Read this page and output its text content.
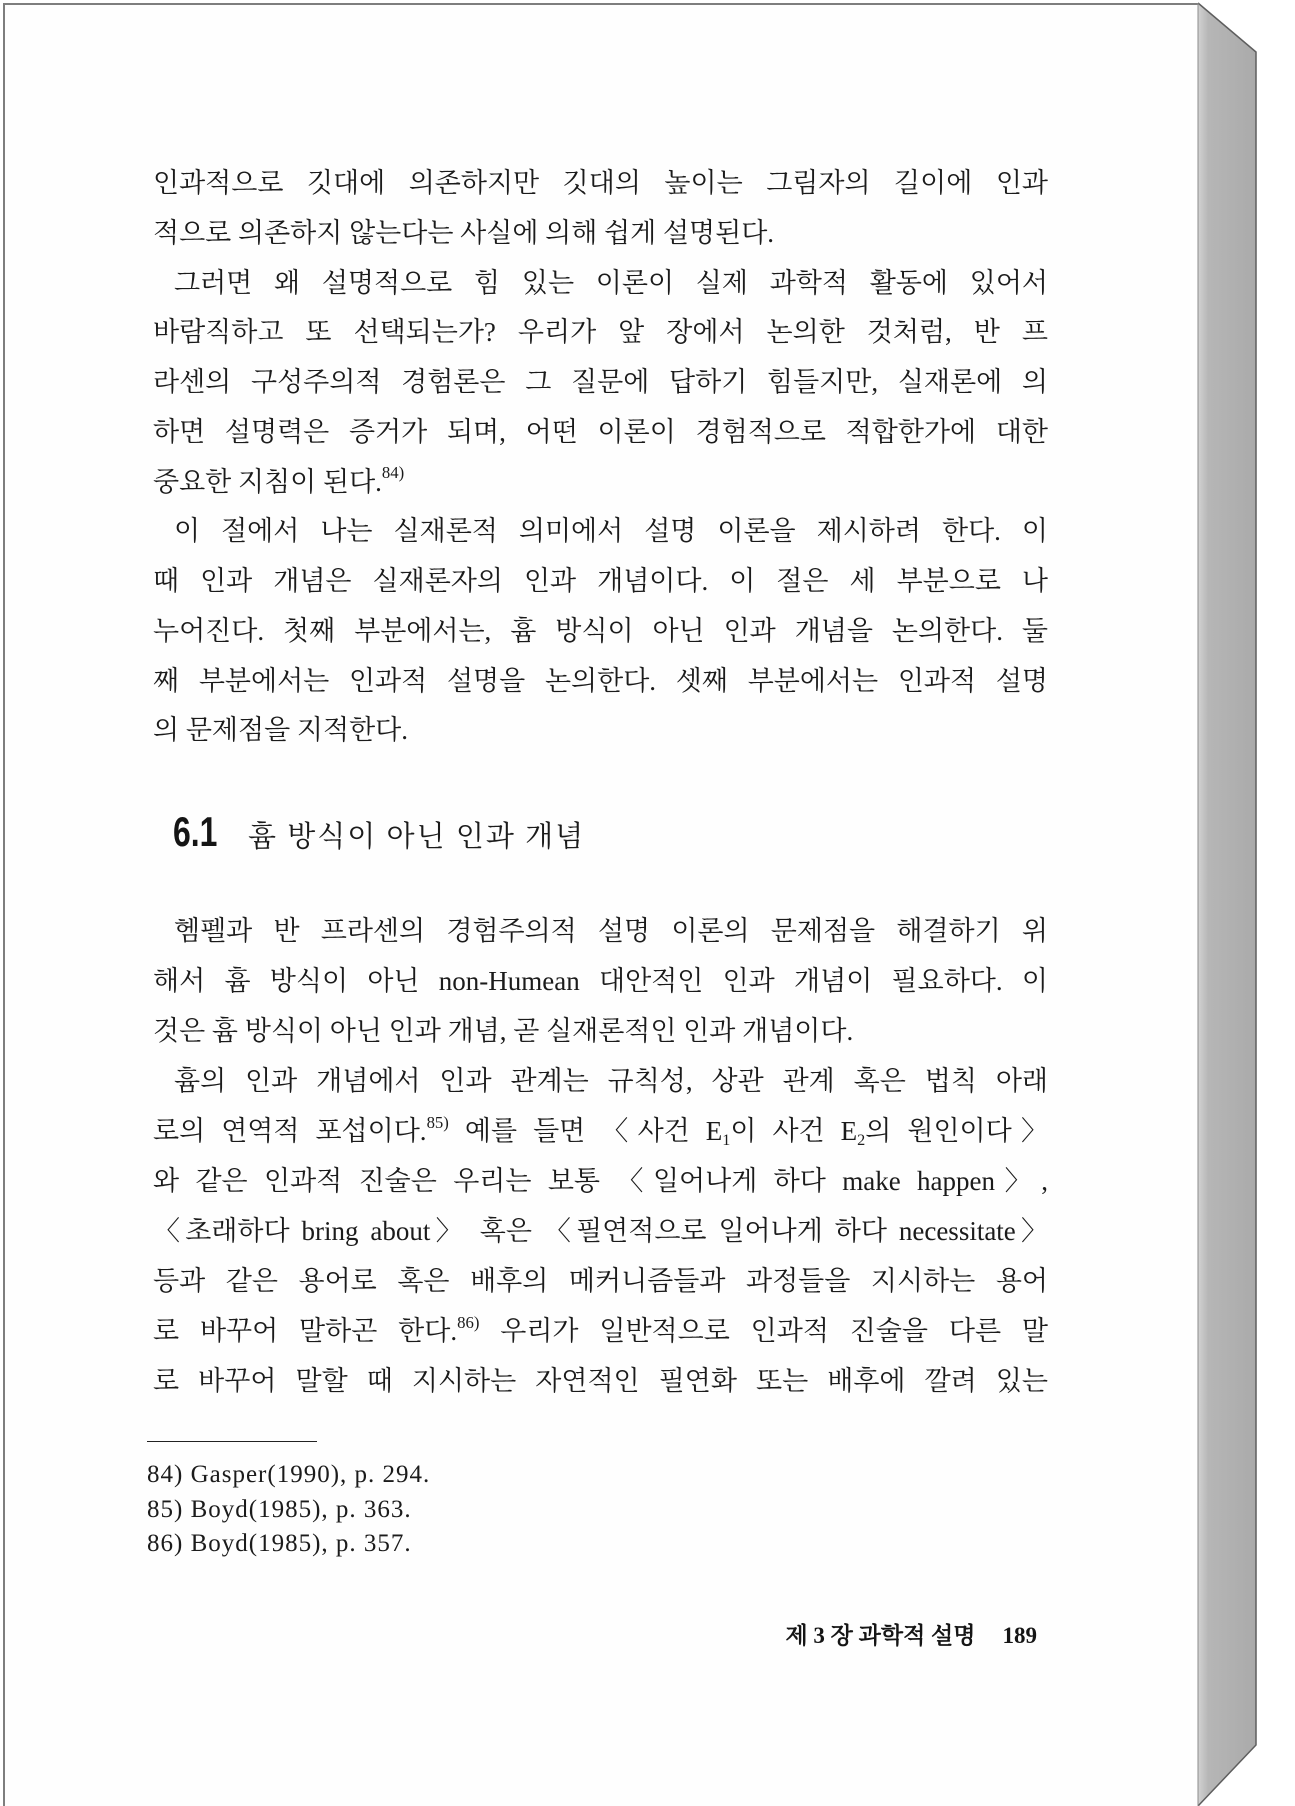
인과적으로 깃대에 의존하지만 깃대의 높이는 그림자의 길이에 인과
적으로 의존하지 않는다는 사실에 의해 쉽게 설명된다.
그러면 왜 설명적으로 힘 있는 이론이 실제 과학적 활동에 있어서
바람직하고 또 선택되는가? 우리가 앞 장에서 논의한 것처럼, 반 프
라센의 구성주의적 경험론은 그 질문에 답하기 힘들지만, 실재론에 의
하면 설명력은 증거가 되며, 어떤 이론이 경험적으로 적합한가에 대한
중요한 지침이 된다.$^{84)}$
이 절에서 나는 실재론적 의미에서 설명 이론을 제시하려 한다. 이
때 인과 개념은 실재론자의 인과 개념이다. 이 절은 세 부분으로 나
누어진다. 첫째 부분에서는, 흄 방식이 아닌 인과 개념을 논의한다. 둘
째 부분에서는 인과적 설명을 논의한다. 셋째 부분에서는 인과적 설명
의 문제점을 지적한다.
6.1 흄 방식이 아닌 인과 개념
헴펠과 반 프라센의 경험주의적 설명 이론의 문제점을 해결하기 위
해서 흄 방식이 아닌 non-Humean 대안적인 인과 개념이 필요하다. 이
것은 흄 방식이 아닌 인과 개념, 곧 실재론적인 인과 개념이다.
흄의 인과 개념에서 인과 관계는 규칙성, 상관 관계 혹은 법칙 아래
로의 연역적 포섭이다.$^{85)}$ 예를 들면 〈사건 $E_1$이 사건 $E_2$의 원인이다〉
와 같은 인과적 진술은 우리는 보통 〈일어나게 하다 make happen〉,
〈초래하다 bring about〉 혹은 〈필연적으로 일어나게 하다 necessitate〉
등과 같은 용어로 혹은 배후의 메커니즘들과 과정들을 지시하는 용어
로 바꾸어 말하곤 한다.$^{86)}$ 우리가 일반적으로 인과적 진술을 다른 말
로 바꾸어 말할 때 지시하는 자연적인 필연화 또는 배후에 깔려 있는
84) Gasper(1990), p. 294.
85) Boyd(1985), p. 363.
86) Boyd(1985), p. 357.
제 3 장 과학적 설명 189
